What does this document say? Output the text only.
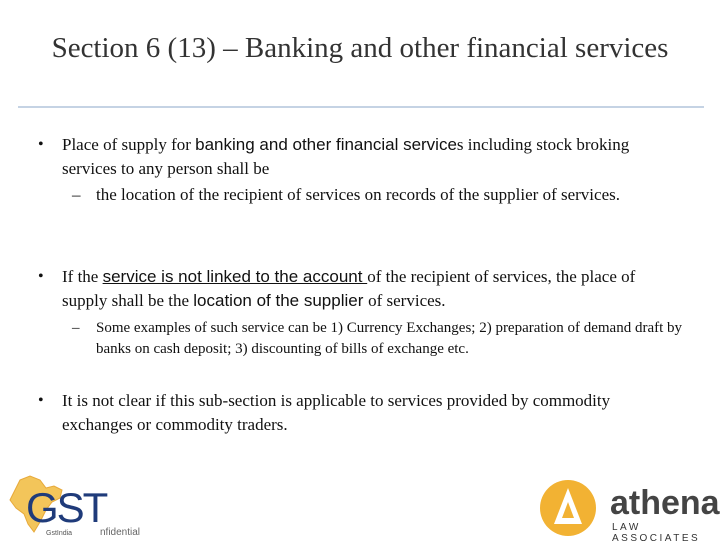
Section 6 (13) – Banking and other financial services
•	Place of supply for banking and other financial services including stock broking services to any person shall be
– the location of the recipient of services on records of the supplier of services.
•	If the service is not linked to the account of the recipient of services, the place of supply shall be the location of the supplier of services.
–	Some examples of such service can be 1) Currency Exchanges; 2) preparation of demand draft by banks on cash deposit; 3) discounting of bills of exchange etc.
•	It is not clear if this sub-section is applicable to services provided by commodity exchanges or commodity traders.
GST
GstIndia	nfidential
athena
LAW ASSOCIATES
